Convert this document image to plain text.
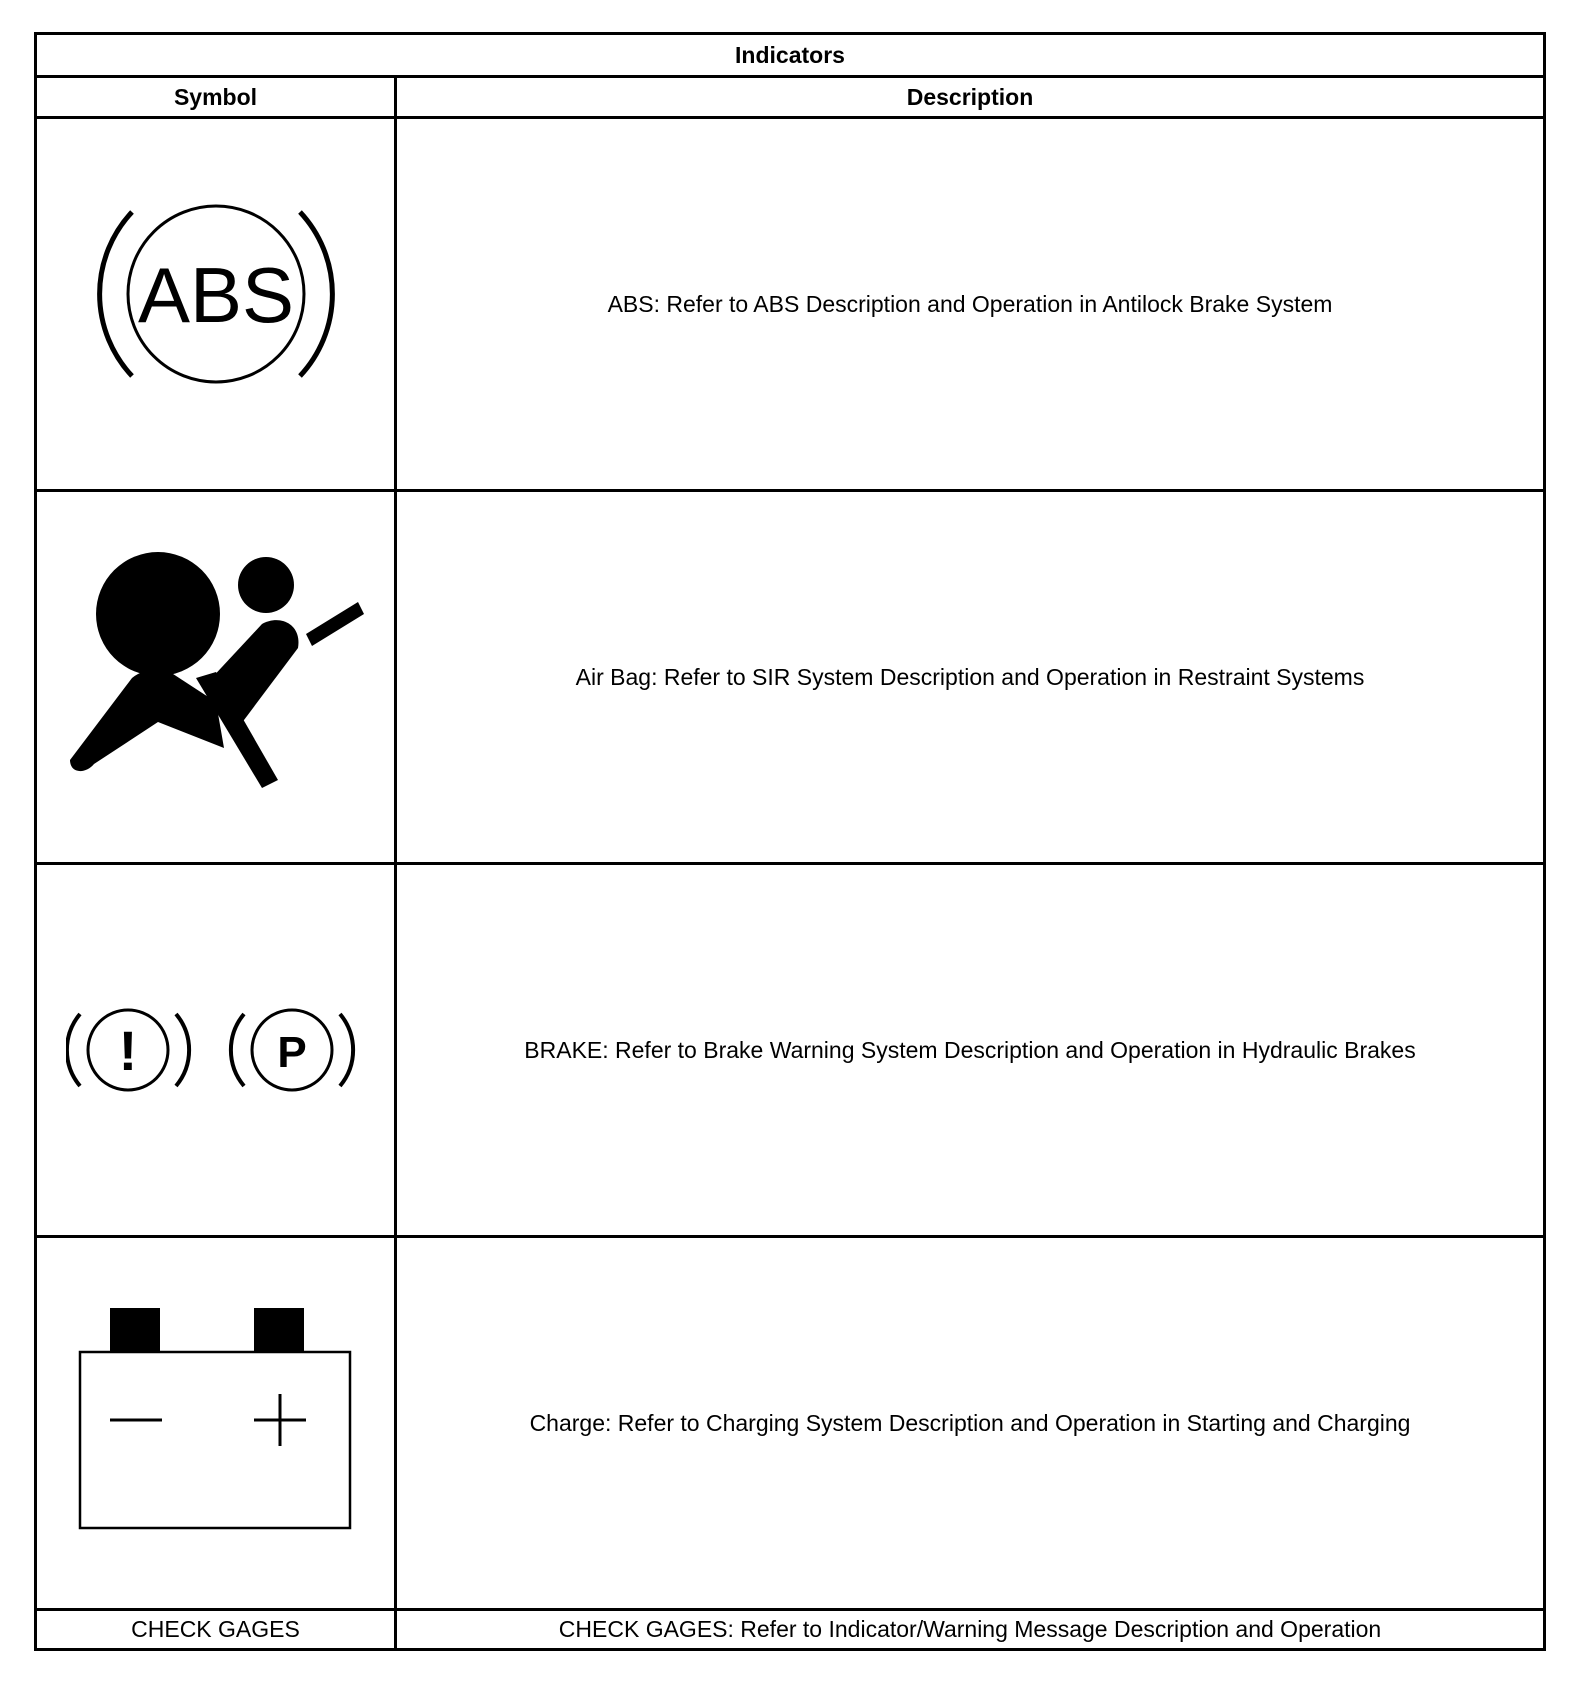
Indicators	
Symbol	Description

ABS	ABS: Refer to ABS Description and Operation in Antilock Brake System

	Air Bag: Refer to SIR System Description and Operation in Restraint Systems

! P	BRAKE: Refer to Brake Warning System Description and Operation in Hydraulic Brakes

	Charge: Refer to Charging System Description and Operation in Starting and Charging
CHECK GAGES	CHECK GAGES: Refer to Indicator/Warning Message Description and Operation
